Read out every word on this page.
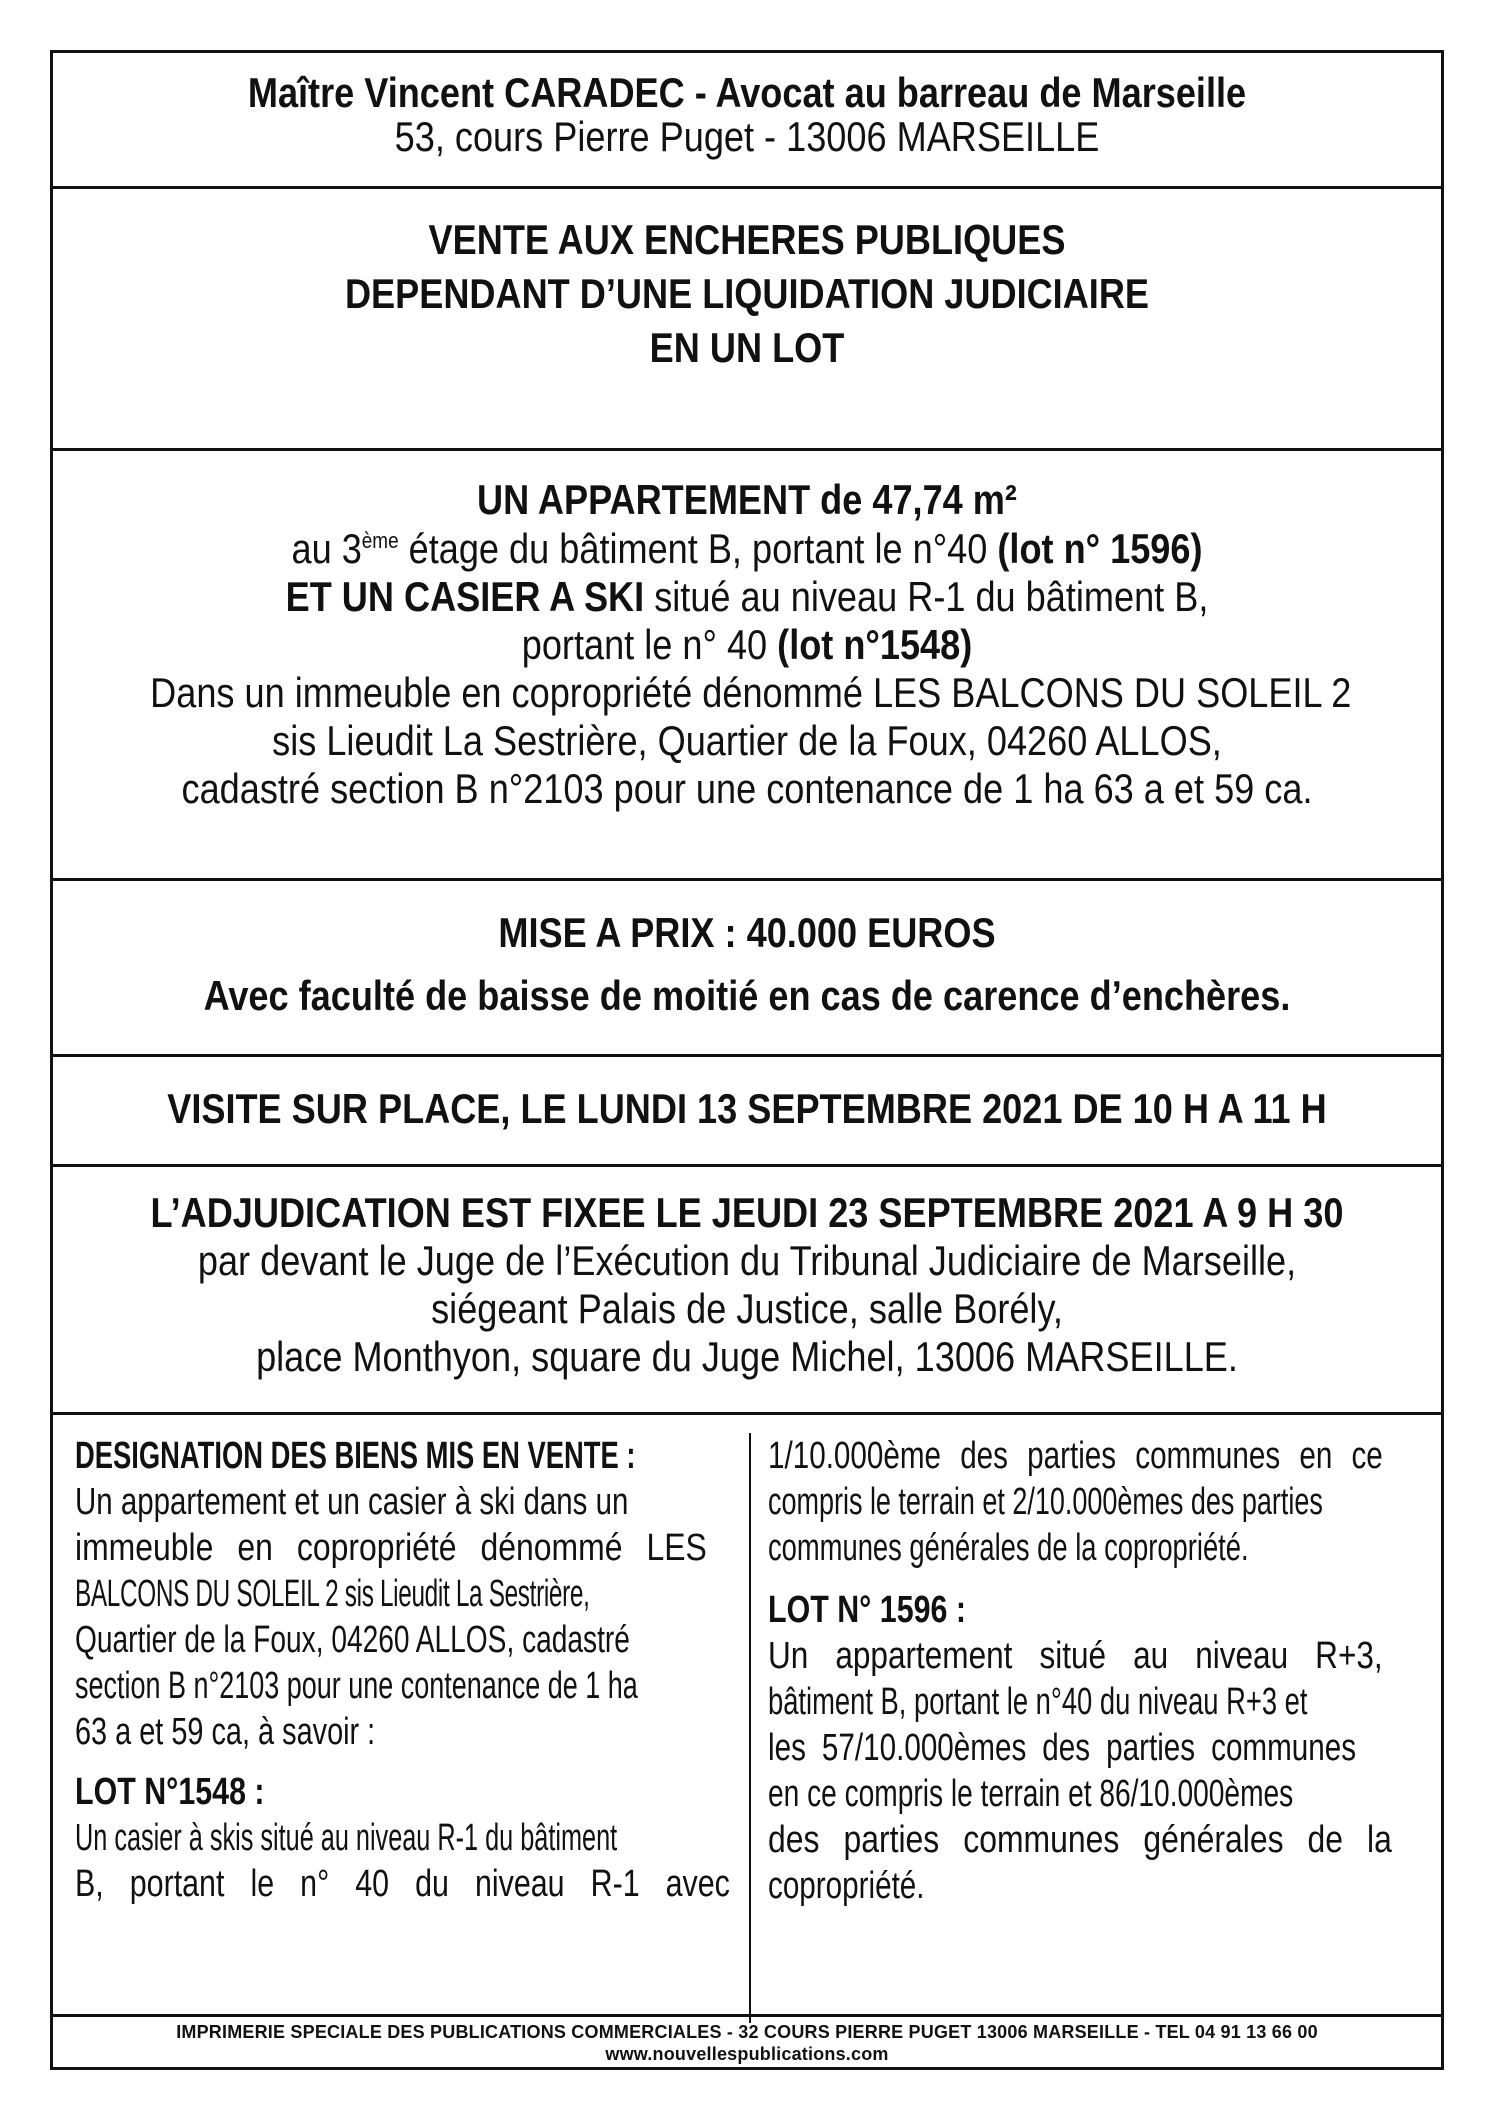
Maître Vincent CARADEC - Avocat au barreau de Marseille
53, cours Pierre Puget - 13006 MARSEILLE
VENTE AUX ENCHERES PUBLIQUES
DEPENDANT D’UNE LIQUIDATION JUDICIAIRE
EN UN LOT
UN APPARTEMENT de 47,74 m²
au 3ème étage du bâtiment B, portant le n°40 (lot n° 1596)
ET UN CASIER A SKI situé au niveau R-1 du bâtiment B,
portant le n° 40 (lot n°1548)
Dans un immeuble en copropriété dénommé LES BALCONS DU SOLEIL 2
sis Lieudit La Sestrière, Quartier de la Foux, 04260 ALLOS,
cadastré section B n°2103 pour une contenance de 1 ha 63 a et 59 ca.
MISE A PRIX : 40.000 EUROS
Avec faculté de baisse de moitié en cas de carence d’enchères.
VISITE SUR PLACE, LE LUNDI 13 SEPTEMBRE 2021 DE 10 H A 11 H
L’ADJUDICATION EST FIXEE LE JEUDI 23 SEPTEMBRE 2021 A 9 H 30
par devant le Juge de l’Exécution du Tribunal Judiciaire de Marseille,
siégeant Palais de Justice, salle Borély,
place Monthyon, square du Juge Michel, 13006 MARSEILLE.
DESIGNATION DES BIENS MIS EN VENTE :
Un appartement et un casier à ski dans un
immeuble en copropriété dénommé LES
BALCONS DU SOLEIL 2 sis Lieudit La Sestrière,
Quartier de la Foux, 04260 ALLOS, cadastré
section B n°2103 pour une contenance de 1 ha
63 a et 59 ca, à savoir :
LOT N°1548 :
Un casier à skis situé au niveau R-1 du bâtiment
B, portant le n° 40 du niveau R-1 avec
1/10.000ème des parties communes en ce
compris le terrain et 2/10.000èmes des parties
communes générales de la copropriété.
LOT N° 1596 :
Un appartement situé au niveau R+3,
bâtiment B, portant le n°40 du niveau R+3 et
les 57/10.000èmes des parties communes
en ce compris le terrain et 86/10.000èmes
des parties communes générales de la
copropriété.
IMPRIMERIE SPECIALE DES PUBLICATIONS COMMERCIALES - 32 COURS PIERRE PUGET 13006 MARSEILLE - TEL 04 91 13 66 00
www.nouvellespublications.com
